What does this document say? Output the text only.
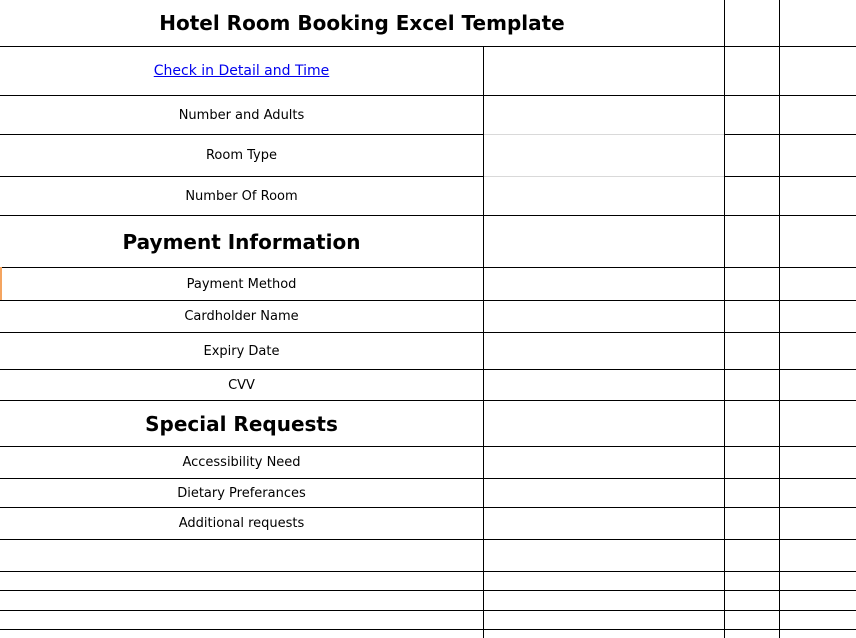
Hotel Room Booking Excel Template
Check in Detail and Time
Number and Adults
Room Type
Number Of Room
Payment Information
Payment Method
Cardholder Name
Expiry Date
CVV
Special Requests
Accessibility Need
Dietary Preferances
Additional requests
